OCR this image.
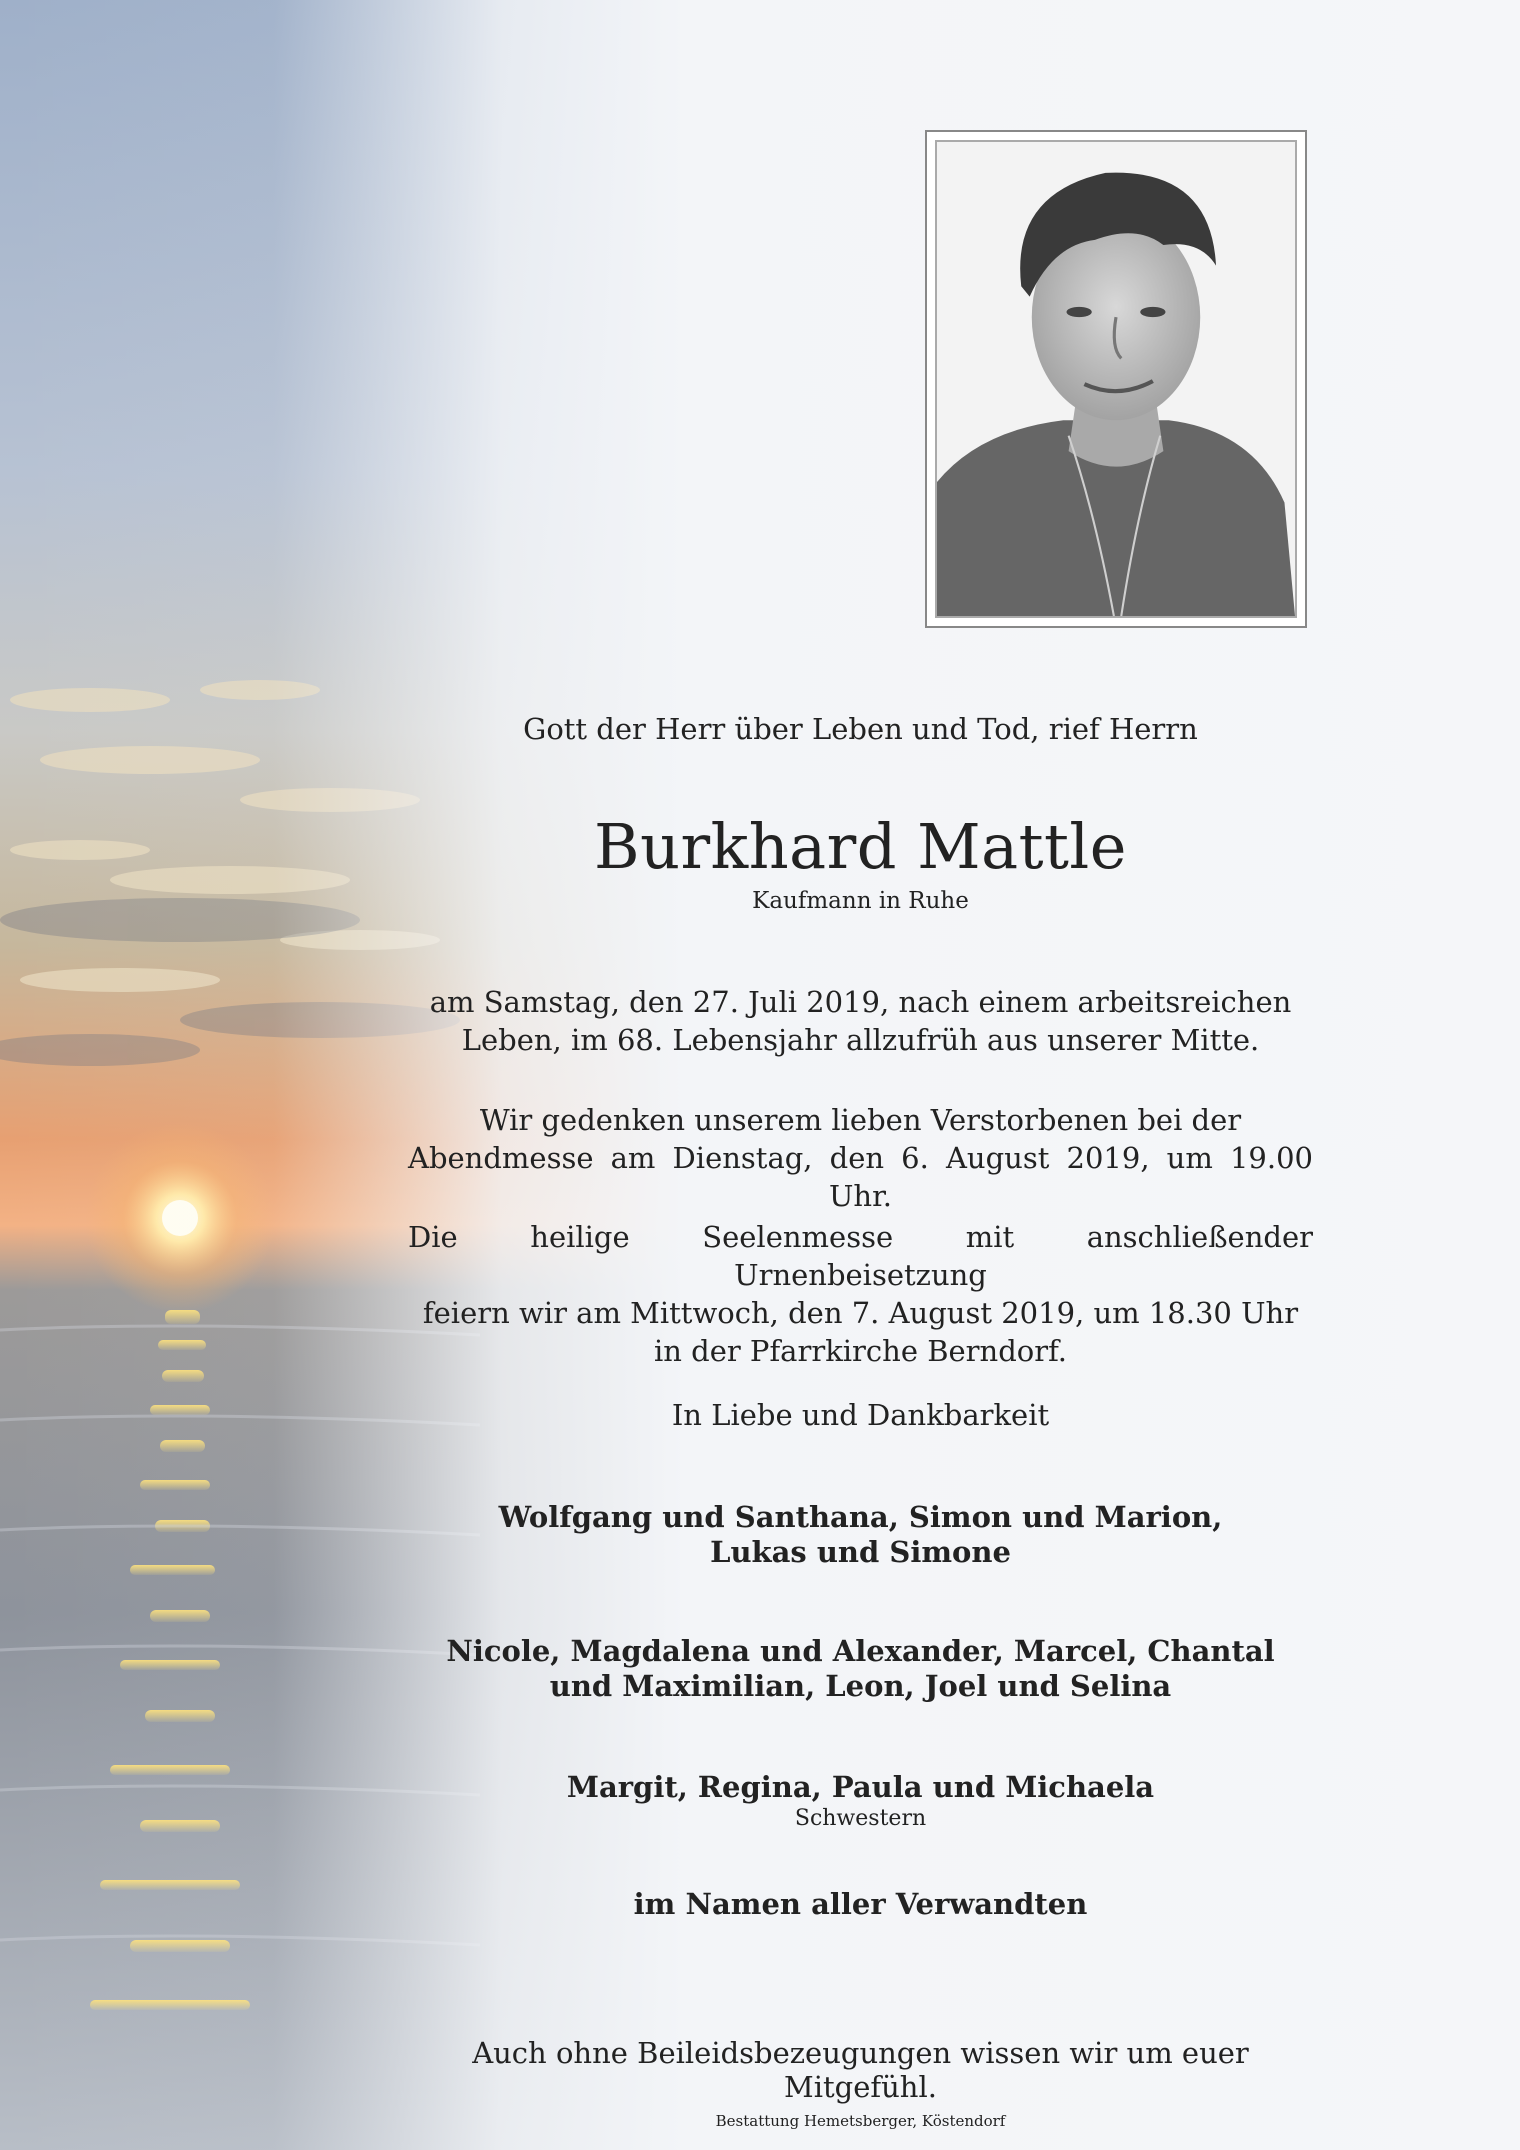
Gott der Herr über Leben und Tod, rief Herrn
Burkhard Mattle
Kaufmann in Ruhe
am Samstag, den 27. Juli 2019, nach einem arbeitsreichen
Leben, im 68. Lebensjahr allzufrüh aus unserer Mitte.
Wir gedenken unserem lieben Verstorbenen bei der
Abendmesse am Dienstag, den 6. August 2019, um 19.00 Uhr.
Die heilige Seelenmesse mit anschließender Urnenbeisetzung
feiern wir am Mittwoch, den 7. August 2019, um 18.30 Uhr
in der Pfarrkirche Berndorf.
In Liebe und Dankbarkeit
Wolfgang und Santhana, Simon und Marion,
Lukas und Simone
Nicole, Magdalena und Alexander, Marcel, Chantal
und Maximilian, Leon, Joel und Selina
Margit, Regina, Paula und Michaela
Schwestern
im Namen aller Verwandten
Auch ohne Beileidsbezeugungen wissen wir um euer Mitgefühl.
Bestattung Hemetsberger, Köstendorf
